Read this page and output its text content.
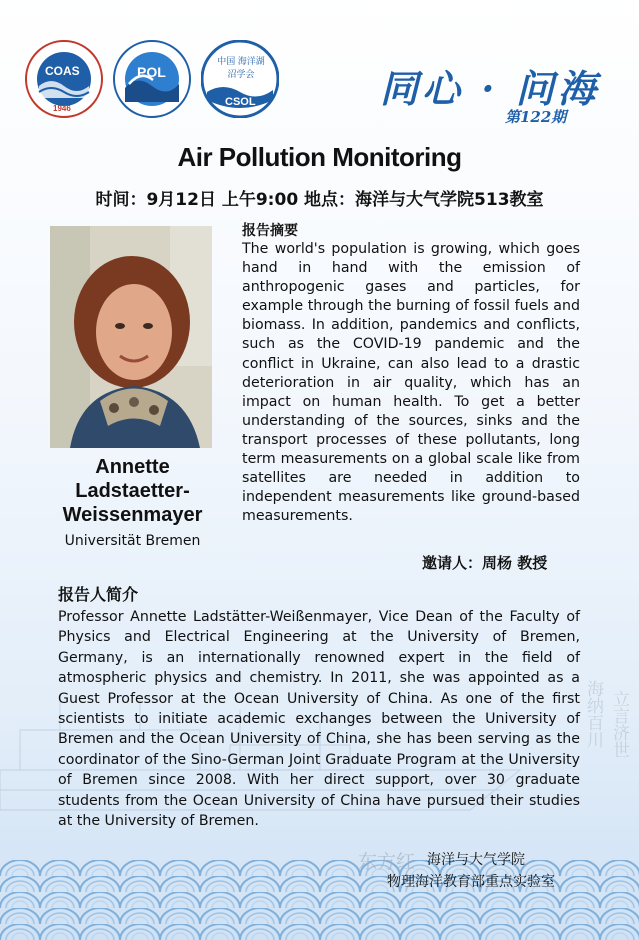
立言济世
海纳百川
COAS
1946
POL
CSOL
中国 海洋湖沼学会	同心 · 问海
第122期
Air Pollution Monitoring
时间：9月12日 上午9:00 地点：海洋与大气学院513教室
Annette
Ladstaetter-
Weissenmayer
Universität Bremen
报告摘要
The world's population is growing, which goes hand in hand with the emission of anthropogenic gases and particles, for example through the burning of fossil fuels and biomass. In addition, pandemics and conflicts, such as the COVID-19 pandemic and the conflict in Ukraine, can also lead to a drastic deterioration in air quality, which has an impact on human health. To get a better understanding of the sources, sinks and the transport processes of these pollutants, long term measurements on a global scale like from satellites are needed in addition to independent measurements like ground-based measurements.
邀请人：周杨 教授
报告人简介
Professor Annette Ladstätter-Weißenmayer, Vice Dean of the Faculty of Physics and Electrical Engineering at the University of Bremen, Germany, is an internationally renowned expert in the field of atmospheric physics and chemistry. In 2011, she was appointed as a Guest Professor at the Ocean University of China. As one of the first scientists to initiate academic exchanges between the University of Bremen and the Ocean University of China, she has been serving as the coordinator of the Sino-German Joint Graduate Program at the University of Bremen since 2008. With her direct support, over 30 graduate students from the Ocean University of China have pursued their studies at the University of Bremen.
东方红 海洋与大气学院
物理海洋教育部重点实验室
